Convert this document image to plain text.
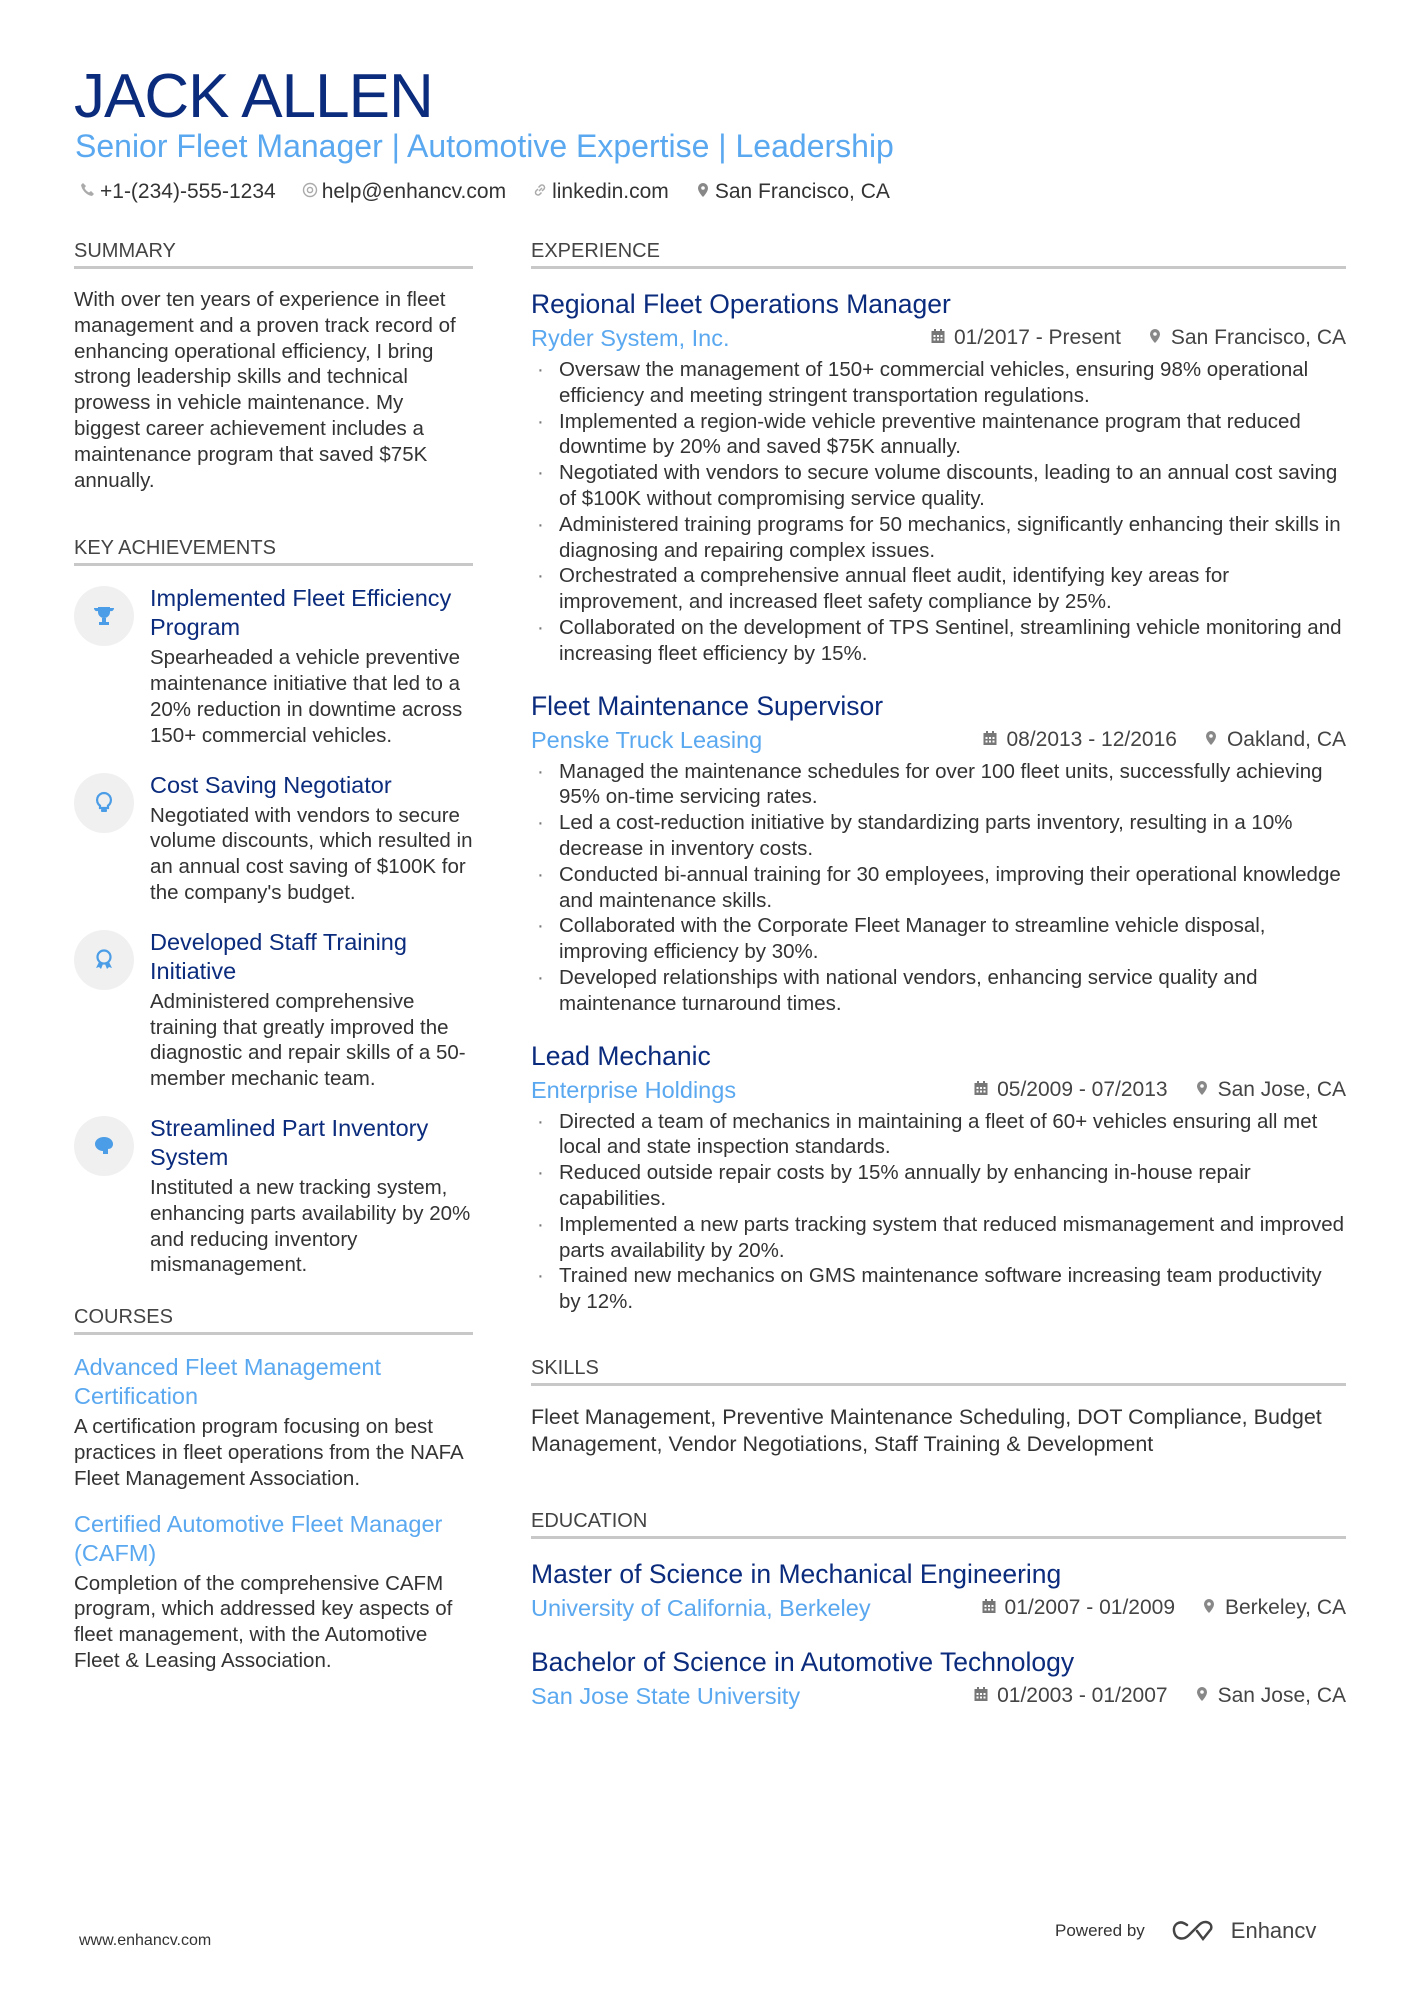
JACK ALLEN
Senior Fleet Manager | Automotive Expertise | Leadership
+1-(234)-555-1234 help@enhancv.com linkedin.com San Francisco, CA
SUMMARY
With over ten years of experience in fleet management and a proven track record of enhancing operational efficiency, I bring strong leadership skills and technical prowess in vehicle maintenance. My biggest career achievement includes a maintenance program that saved $75K annually.
KEY ACHIEVEMENTS
Implemented Fleet Efficiency Program
Spearheaded a vehicle preventive maintenance initiative that led to a 20% reduction in downtime across 150+ commercial vehicles.
Cost Saving Negotiator
Negotiated with vendors to secure volume discounts, which resulted in an annual cost saving of $100K for the company's budget.
Developed Staff Training Initiative
Administered comprehensive training that greatly improved the diagnostic and repair skills of a 50-member mechanic team.
Streamlined Part Inventory System
Instituted a new tracking system, enhancing parts availability by 20% and reducing inventory mismanagement.
COURSES
Advanced Fleet Management Certification
A certification program focusing on best practices in fleet operations from the NAFA Fleet Management Association.
Certified Automotive Fleet Manager (CAFM)
Completion of the comprehensive CAFM program, which addressed key aspects of fleet management, with the Automotive Fleet & Leasing Association.
EXPERIENCE
Regional Fleet Operations Manager
Ryder System, Inc.	01/2017 - Present San Francisco, CA
· Oversaw the management of 150+ commercial vehicles, ensuring 98% operational efficiency and meeting stringent transportation regulations.
· Implemented a region-wide vehicle preventive maintenance program that reduced downtime by 20% and saved $75K annually.
· Negotiated with vendors to secure volume discounts, leading to an annual cost saving of $100K without compromising service quality.
· Administered training programs for 50 mechanics, significantly enhancing their skills in diagnosing and repairing complex issues.
· Orchestrated a comprehensive annual fleet audit, identifying key areas for improvement, and increased fleet safety compliance by 25%.
· Collaborated on the development of TPS Sentinel, streamlining vehicle monitoring and increasing fleet efficiency by 15%.
Fleet Maintenance Supervisor
Penske Truck Leasing	08/2013 - 12/2016 Oakland, CA
· Managed the maintenance schedules for over 100 fleet units, successfully achieving 95% on-time servicing rates.
· Led a cost-reduction initiative by standardizing parts inventory, resulting in a 10% decrease in inventory costs.
· Conducted bi-annual training for 30 employees, improving their operational knowledge and maintenance skills.
· Collaborated with the Corporate Fleet Manager to streamline vehicle disposal, improving efficiency by 30%.
· Developed relationships with national vendors, enhancing service quality and maintenance turnaround times.
Lead Mechanic
Enterprise Holdings	05/2009 - 07/2013 San Jose, CA
· Directed a team of mechanics in maintaining a fleet of 60+ vehicles ensuring all met local and state inspection standards.
· Reduced outside repair costs by 15% annually by enhancing in-house repair capabilities.
· Implemented a new parts tracking system that reduced mismanagement and improved parts availability by 20%.
· Trained new mechanics on GMS maintenance software increasing team productivity by 12%.
SKILLS
Fleet Management, Preventive Maintenance Scheduling, DOT Compliance, Budget Management, Vendor Negotiations, Staff Training & Development
EDUCATION
Master of Science in Mechanical Engineering
University of California, Berkeley	01/2007 - 01/2009 Berkeley, CA
Bachelor of Science in Automotive Technology
San Jose State University	01/2003 - 01/2007 San Jose, CA
www.enhancv.com
Powered by	Enhancv
